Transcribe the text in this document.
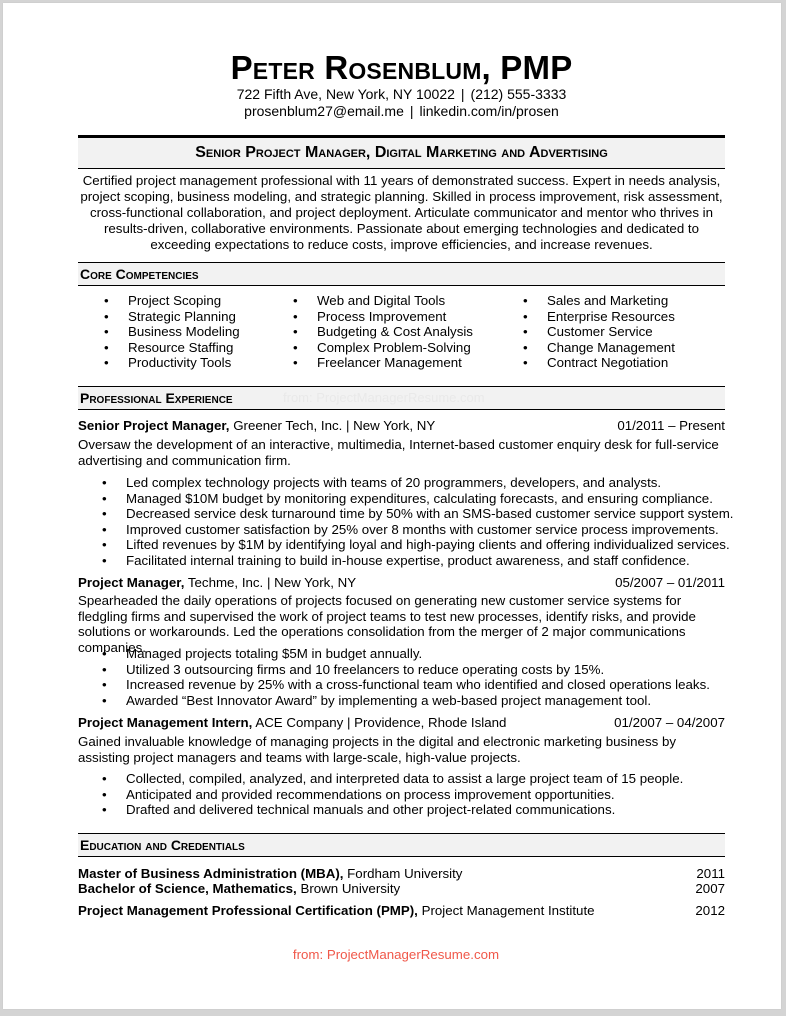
Peter Rosenblum, PMP
722 Fifth Ave, New York, NY 10022 | (212) 555-3333
prosenblum27@email.me | linkedin.com/in/prosen
Senior Project Manager, Digital Marketing and Advertising
Certified project management professional with 11 years of demonstrated success. Expert in needs analysis, project scoping, business modeling, and strategic planning. Skilled in process improvement, risk assessment, cross-functional collaboration, and project deployment. Articulate communicator and mentor who thrives in results-driven, collaborative environments. Passionate about emerging technologies and dedicated to exceeding expectations to reduce costs, improve efficiencies, and increase revenues.
Core Competencies
• Project Scoping
• Strategic Planning
• Business Modeling
• Resource Staffing
• Productivity Tools
• Web and Digital Tools
• Process Improvement
• Budgeting & Cost Analysis
• Complex Problem-Solving
• Freelancer Management
• Sales and Marketing
• Enterprise Resources
• Customer Service
• Change Management
• Contract Negotiation
Professional Experience	from: ProjectManagerResume.com
Senior Project Manager, Greener Tech, Inc. | New York, NY	01/2011 – Present
Oversaw the development of an interactive, multimedia, Internet-based customer enquiry desk for full-service advertising and communication firm.
• Led complex technology projects with teams of 20 programmers, developers, and analysts.
• Managed $10M budget by monitoring expenditures, calculating forecasts, and ensuring compliance.
• Decreased service desk turnaround time by 50% with an SMS-based customer service support system.
• Improved customer satisfaction by 25% over 8 months with customer service process improvements.
• Lifted revenues by $1M by identifying loyal and high-paying clients and offering individualized services.
• Facilitated internal training to build in-house expertise, product awareness, and staff confidence.
Project Manager, Techme, Inc. | New York, NY	05/2007 – 01/2011
Spearheaded the daily operations of projects focused on generating new customer service systems for fledgling firms and supervised the work of project teams to test new processes, identify risks, and provide solutions or workarounds. Led the operations consolidation from the merger of 2 major communications companies.
• Managed projects totaling $5M in budget annually.
• Utilized 3 outsourcing firms and 10 freelancers to reduce operating costs by 15%.
• Increased revenue by 25% with a cross-functional team who identified and closed operations leaks.
• Awarded “Best Innovator Award” by implementing a web-based project management tool.
Project Management Intern, ACE Company | Providence, Rhode Island	01/2007 – 04/2007
Gained invaluable knowledge of managing projects in the digital and electronic marketing business by assisting project managers and teams with large-scale, high-value projects.
• Collected, compiled, analyzed, and interpreted data to assist a large project team of 15 people.
• Anticipated and provided recommendations on process improvement opportunities.
• Drafted and delivered technical manuals and other project-related communications.
Education and Credentials
Master of Business Administration (MBA), Fordham University	2011
Bachelor of Science, Mathematics, Brown University	2007
Project Management Professional Certification (PMP), Project Management Institute	2012
from: ProjectManagerResume.com
